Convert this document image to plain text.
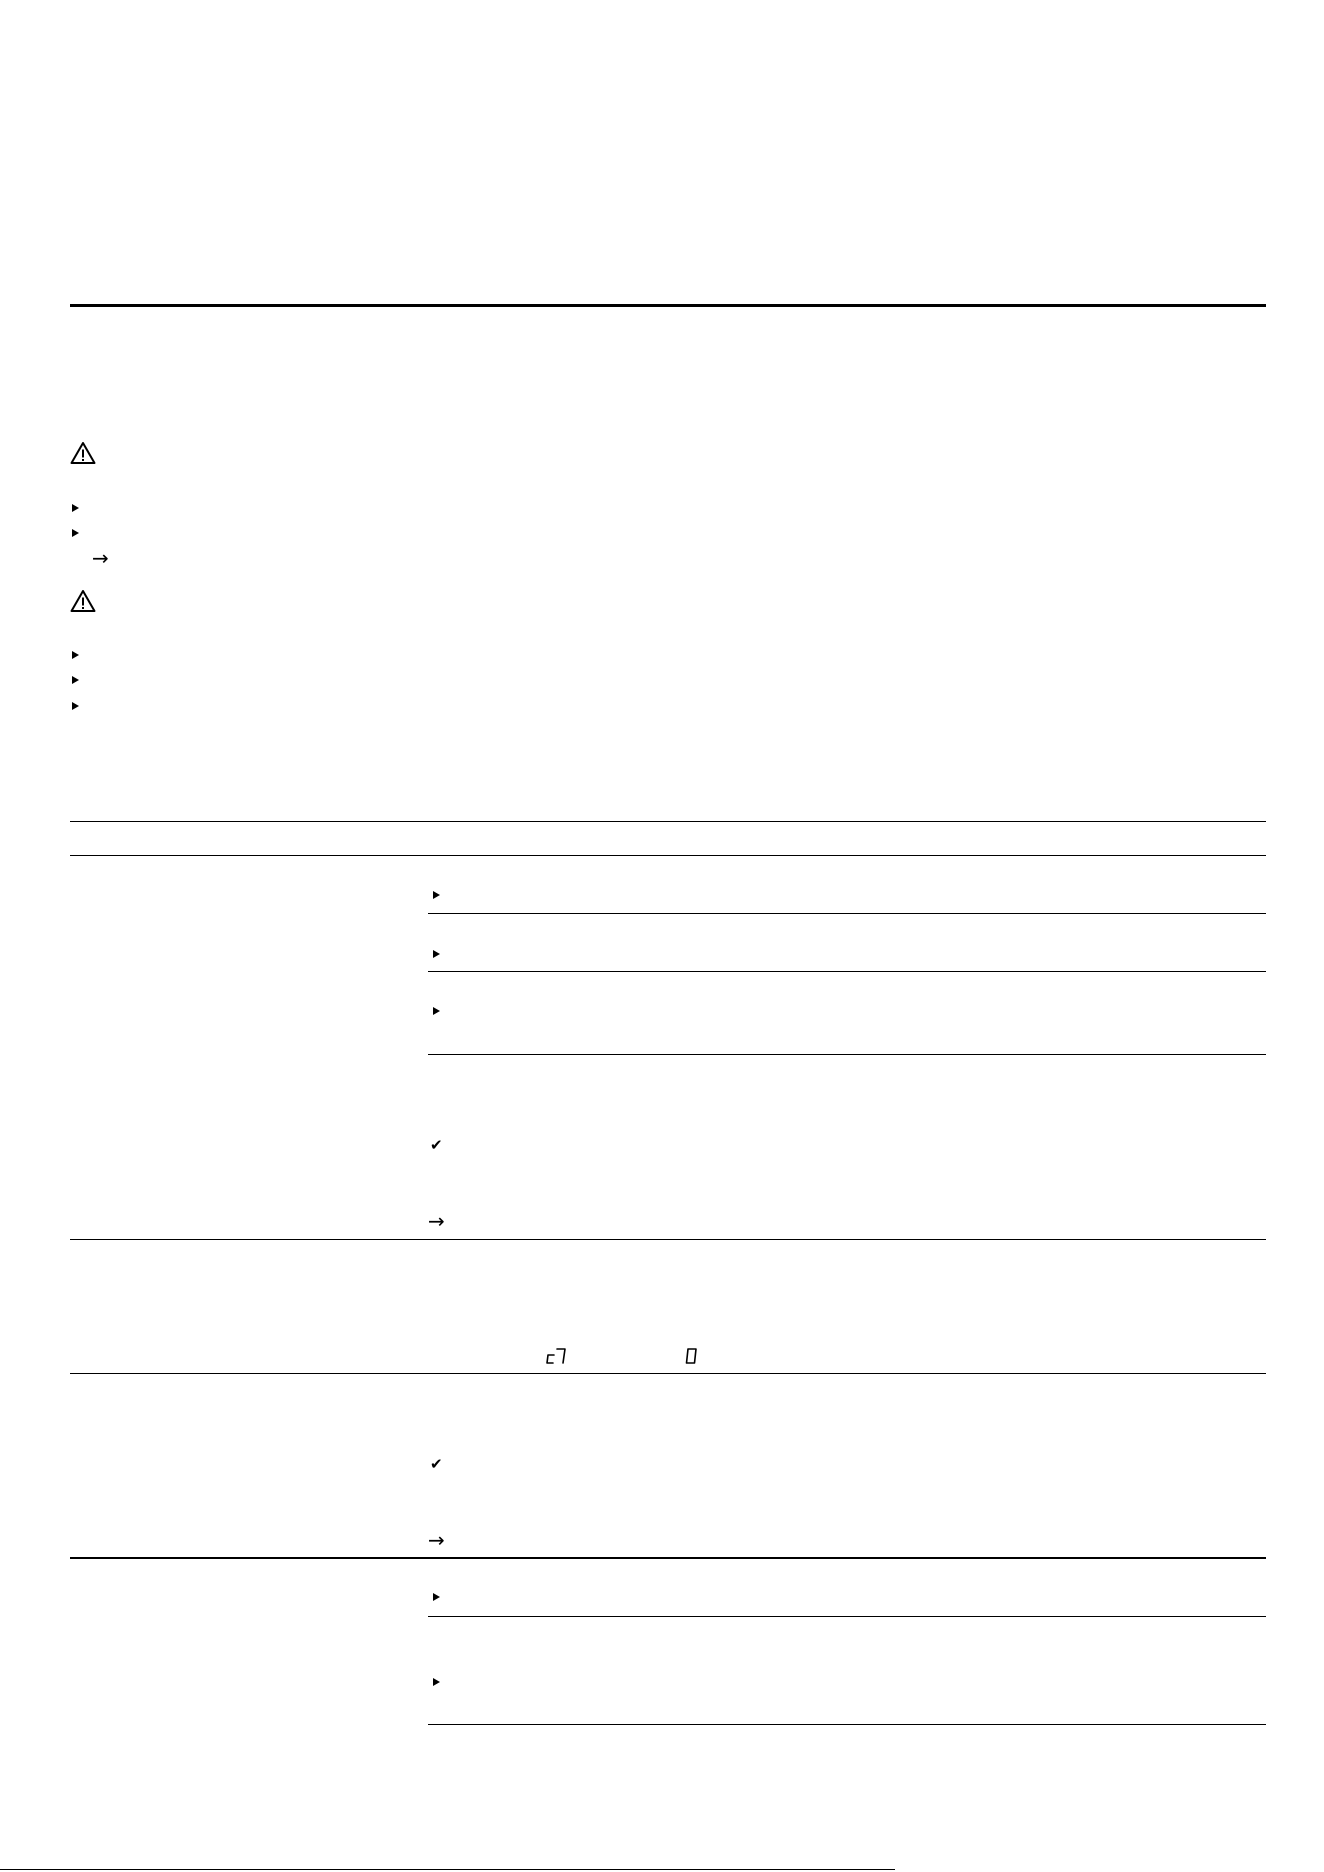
→
✔
→
✔
→
